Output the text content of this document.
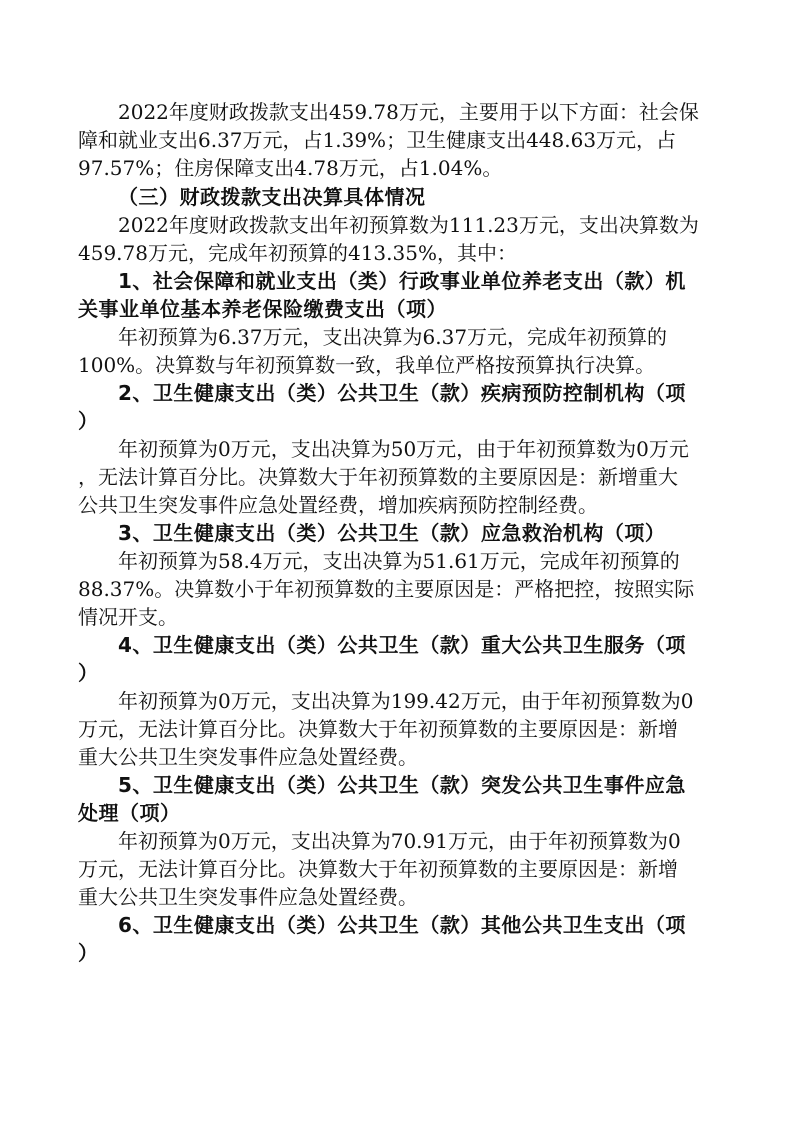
2022年度财政拨款支出459.78万元，主要用于以下方面：社会保
障和就业支出6.37万元，占1.39%；卫生健康支出448.63万元，占
97.57%；住房保障支出4.78万元，占1.04%。
（三）财政拨款支出决算具体情况
2022年度财政拨款支出年初预算数为111.23万元，支出决算数为
459.78万元，完成年初预算的413.35%，其中：
1、社会保障和就业支出（类）行政事业单位养老支出（款）机
关事业单位基本养老保险缴费支出（项）
年初预算为6.37万元，支出决算为6.37万元，完成年初预算的
100%。决算数与年初预算数一致，我单位严格按预算执行决算。
2、卫生健康支出（类）公共卫生（款）疾病预防控制机构（项
）
年初预算为0万元，支出决算为50万元，由于年初预算数为0万元
，无法计算百分比。决算数大于年初预算数的主要原因是：新增重大
公共卫生突发事件应急处置经费，增加疾病预防控制经费。
3、卫生健康支出（类）公共卫生（款）应急救治机构（项）
年初预算为58.4万元，支出决算为51.61万元，完成年初预算的
88.37%。决算数小于年初预算数的主要原因是：严格把控，按照实际
情况开支。
4、卫生健康支出（类）公共卫生（款）重大公共卫生服务（项
）
年初预算为0万元，支出决算为199.42万元，由于年初预算数为0
万元，无法计算百分比。决算数大于年初预算数的主要原因是：新增
重大公共卫生突发事件应急处置经费。
5、卫生健康支出（类）公共卫生（款）突发公共卫生事件应急
处理（项）
年初预算为0万元，支出决算为70.91万元，由于年初预算数为0
万元，无法计算百分比。决算数大于年初预算数的主要原因是：新增
重大公共卫生突发事件应急处置经费。
6、卫生健康支出（类）公共卫生（款）其他公共卫生支出（项
）
